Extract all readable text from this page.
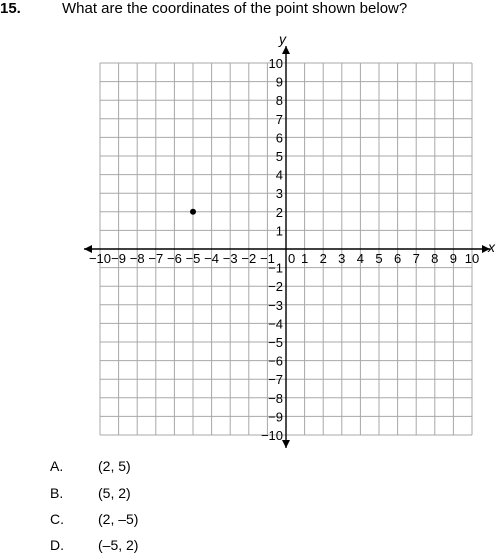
15.	What are the coordinates of the point shown below?
x
y
−10 −9 −8 −7 −6 −5 −4 −3 −2 −1 0 1 2 3 4 5 6 7 8 9 10
−10
−9
−8
−7
−6
−5
−4
−3
−2
−1
1
2
3
4
5
6
7
8
9
10
A. (2, 5)
B. (5, 2)
C. (2, –5)
D. (–5, 2)
